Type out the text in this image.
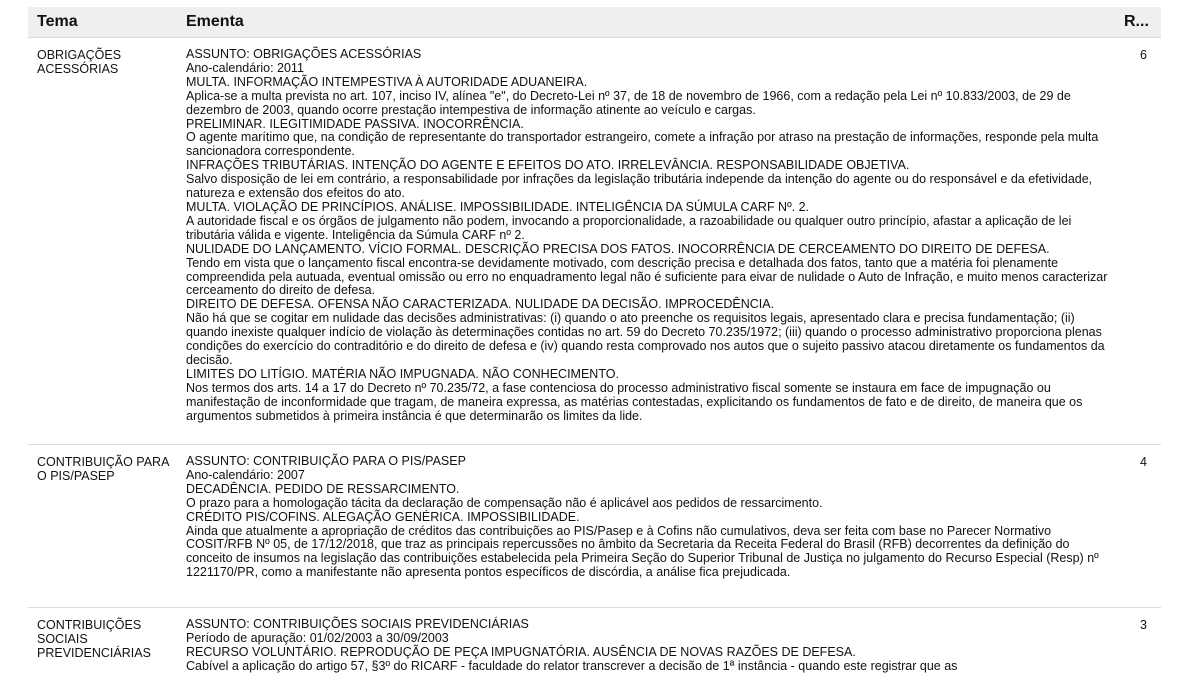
Tema	Ementa	R...
OBRIGAÇÕES ACESSÓRIAS
ASSUNTO: OBRIGAÇÕES ACESSÓRIAS
Ano-calendário: 2011
MULTA. INFORMAÇÃO INTEMPESTIVA À AUTORIDADE ADUANEIRA.
Aplica-se a multa prevista no art. 107, inciso IV, alínea "e", do Decreto-Lei nº 37, de 18 de novembro de 1966, com a redação pela Lei nº 10.833/2003, de 29 de dezembro de 2003, quando ocorre prestação intempestiva de informação atinente ao veículo e cargas.
PRELIMINAR. ILEGITIMIDADE PASSIVA. INOCORRÊNCIA.
O agente marítimo que, na condição de representante do transportador estrangeiro, comete a infração por atraso na prestação de informações, responde pela multa sancionadora correspondente.
INFRAÇÕES TRIBUTÁRIAS. INTENÇÃO DO AGENTE E EFEITOS DO ATO. IRRELEVÂNCIA. RESPONSABILIDADE OBJETIVA.
Salvo disposição de lei em contrário, a responsabilidade por infrações da legislação tributária independe da intenção do agente ou do responsável e da efetividade, natureza e extensão dos efeitos do ato.
MULTA. VIOLAÇÃO DE PRINCÍPIOS. ANÁLISE. IMPOSSIBILIDADE. INTELIGÊNCIA DA SÚMULA CARF Nº. 2.
A autoridade fiscal e os órgãos de julgamento não podem, invocando a proporcionalidade, a razoabilidade ou qualquer outro princípio, afastar a aplicação de lei tributária válida e vigente. Inteligência da Súmula CARF nº 2.
NULIDADE DO LANÇAMENTO. VÍCIO FORMAL. DESCRIÇÃO PRECISA DOS FATOS. INOCORRÊNCIA DE CERCEAMENTO DO DIREITO DE DEFESA.
Tendo em vista que o lançamento fiscal encontra-se devidamente motivado, com descrição precisa e detalhada dos fatos, tanto que a matéria foi plenamente compreendida pela autuada, eventual omissão ou erro no enquadramento legal não é suficiente para eivar de nulidade o Auto de Infração, e muito menos caracterizar cerceamento do direito de defesa.
DIREITO DE DEFESA. OFENSA NÃO CARACTERIZADA. NULIDADE DA DECISÃO. IMPROCEDÊNCIA.
Não há que se cogitar em nulidade das decisões administrativas: (i) quando o ato preenche os requisitos legais, apresentado clara e precisa fundamentação; (ii) quando inexiste qualquer indício de violação às determinações contidas no art. 59 do Decreto 70.235/1972; (iii) quando o processo administrativo proporciona plenas condições do exercício do contraditório e do direito de defesa e (iv) quando resta comprovado nos autos que o sujeito passivo atacou diretamente os fundamentos da decisão.
LIMITES DO LITÍGIO. MATÉRIA NÃO IMPUGNADA. NÃO CONHECIMENTO.
Nos termos dos arts. 14 a 17 do Decreto nº 70.235/72, a fase contenciosa do processo administrativo fiscal somente se instaura em face de impugnação ou manifestação de inconformidade que tragam, de maneira expressa, as matérias contestadas, explicitando os fundamentos de fato e de direito, de maneira que os argumentos submetidos à primeira instância é que determinarão os limites da lide.
6
CONTRIBUIÇÃO PARA O PIS/PASEP
ASSUNTO: CONTRIBUIÇÃO PARA O PIS/PASEP
Ano-calendário: 2007
DECADÊNCIA. PEDIDO DE RESSARCIMENTO.
O prazo para a homologação tácita da declaração de compensação não é aplicável aos pedidos de ressarcimento.
CRÉDITO PIS/COFINS. ALEGAÇÃO GENÉRICA. IMPOSSIBILIDADE.
Ainda que atualmente a apropriação de créditos das contribuições ao PIS/Pasep e à Cofins não cumulativos, deva ser feita com base no Parecer Normativo COSIT/RFB Nº 05, de 17/12/2018, que traz as principais repercussões no âmbito da Secretaria da Receita Federal do Brasil (RFB) decorrentes da definição do conceito de insumos na legislação das contribuições estabelecida pela Primeira Seção do Superior Tribunal de Justiça no julgamento do Recurso Especial (Resp) nº 1221170/PR, como a manifestante não apresenta pontos específicos de discórdia, a análise fica prejudicada.
4
CONTRIBUIÇÕES SOCIAIS PREVIDENCIÁRIAS
ASSUNTO: CONTRIBUIÇÕES SOCIAIS PREVIDENCIÁRIAS
Período de apuração: 01/02/2003 a 30/09/2003
RECURSO VOLUNTÁRIO. REPRODUÇÃO DE PEÇA IMPUGNATÓRIA. AUSÊNCIA DE NOVAS RAZÕES DE DEFESA.
Cabível a aplicação do artigo 57, §3º do RICARF - faculdade do relator transcrever a decisão de 1ª instância - quando este registrar que as
3
